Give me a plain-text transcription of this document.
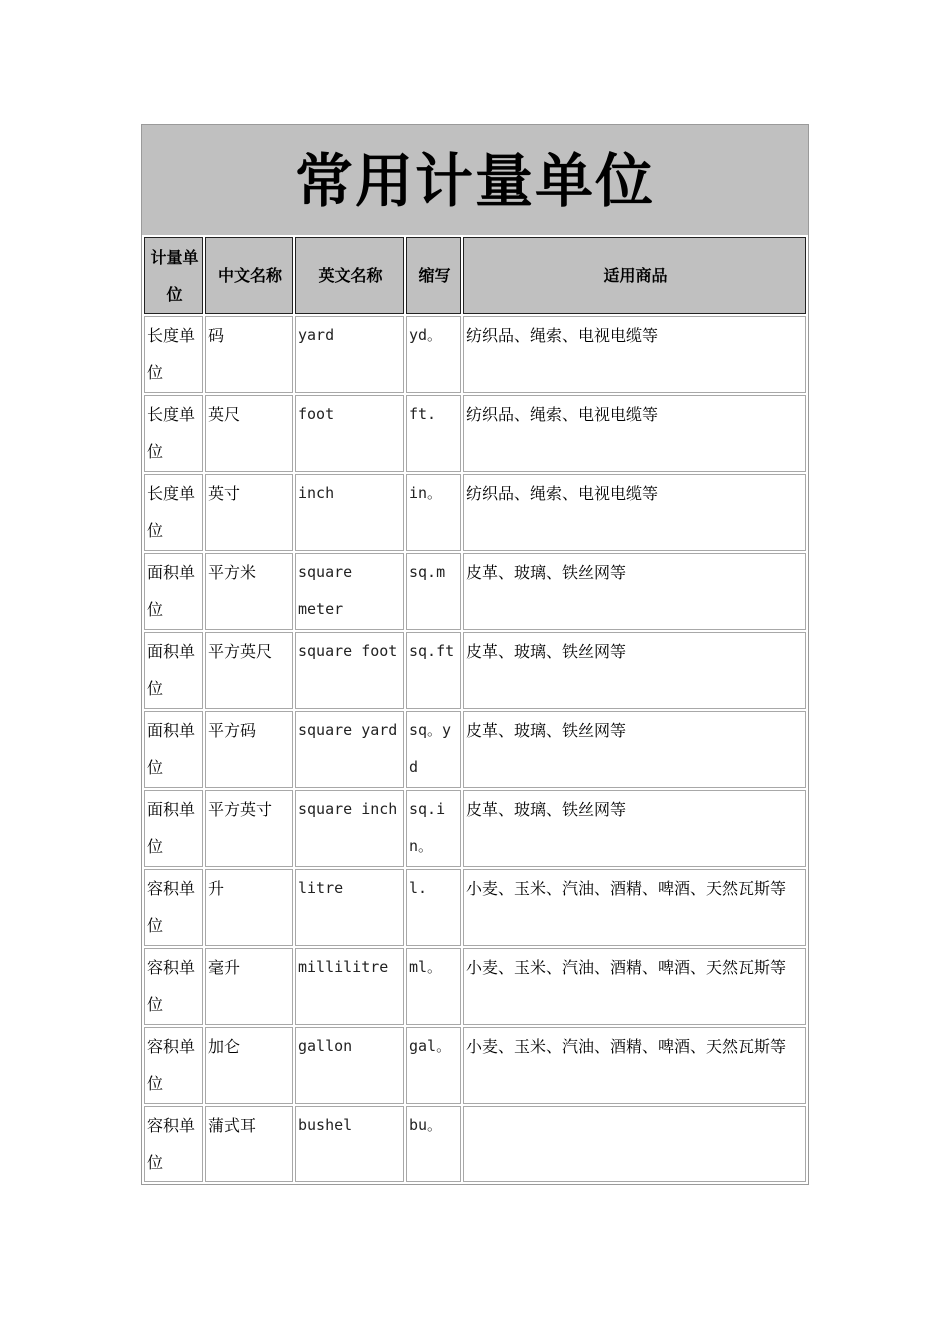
常用计量单位
计量单位	中文名称	英文名称	缩写	适用商品
长度单位	码	yard	yd。	纺织品、绳索、电视电缆等
长度单位	英尺	foot	ft.	纺织品、绳索、电视电缆等
长度单位	英寸	inch	in。	纺织品、绳索、电视电缆等
面积单位	平方米	square meter	sq.m	皮革、玻璃、铁丝网等
面积单位	平方英尺	square foot	sq.ft	皮革、玻璃、铁丝网等
面积单位	平方码	square yard	sq。yd	皮革、玻璃、铁丝网等
面积单位	平方英寸	square inch	sq.in。	皮革、玻璃、铁丝网等
容积单位	升	litre	l.	小麦、玉米、汽油、酒精、啤酒、天然瓦斯等
容积单位	毫升	millilitre	ml。	小麦、玉米、汽油、酒精、啤酒、天然瓦斯等
容积单位	加仑	gallon	gal。	小麦、玉米、汽油、酒精、啤酒、天然瓦斯等
容积单位	蒲式耳	bushel	bu。	
